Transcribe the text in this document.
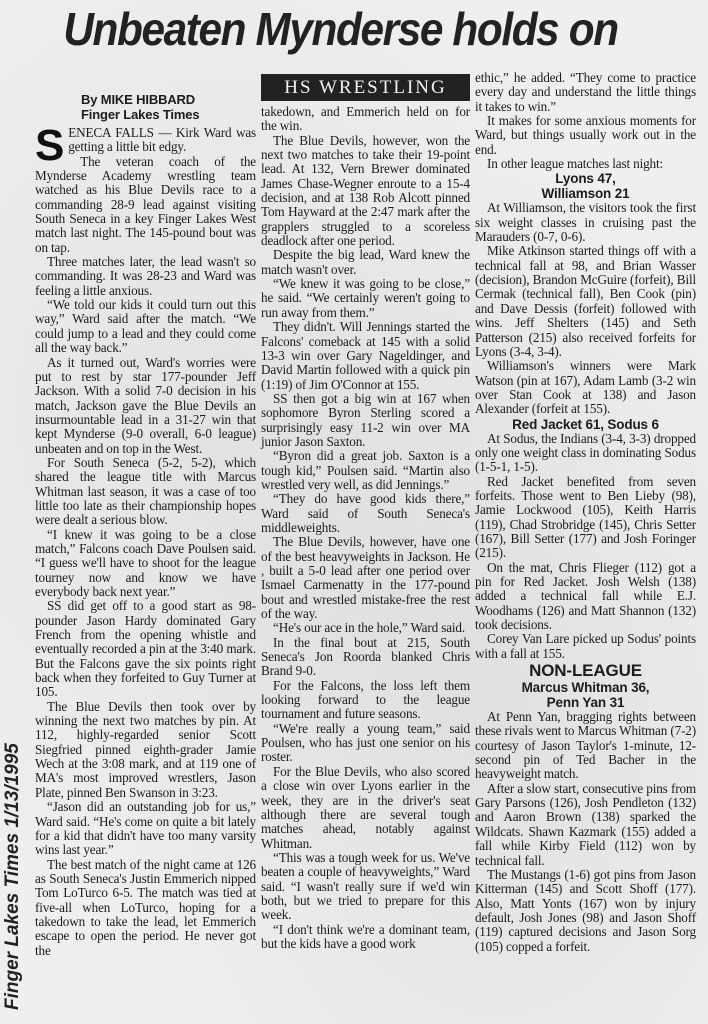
Unbeaten Mynderse holds on
Finger Lakes Times 1/13/1995
By MIKE HIBBARD
Finger Lakes Times
SENECA FALLS — Kirk Ward was getting a little bit edgy.
The veteran coach of the Mynderse Academy wrestling team watched as his Blue Devils race to a commanding 28-9 lead against visiting South Seneca in a key Finger Lakes West match last night. The 145-pound bout was on tap.
Three matches later, the lead wasn't so commanding. It was 28-23 and Ward was feeling a little anxious.
“We told our kids it could turn out this way,” Ward said after the match. “We could jump to a lead and they could come all the way back.”
As it turned out, Ward's worries were put to rest by star 177-pounder Jeff Jackson. With a solid 7-0 decision in his match, Jackson gave the Blue Devils an insurmountable lead in a 31-27 win that kept Mynderse (9-0 overall, 6-0 league) unbeaten and on top in the West.
For South Seneca (5-2, 5-2), which shared the league title with Marcus Whitman last season, it was a case of too little too late as their championship hopes were dealt a serious blow.
“I knew it was going to be a close match,” Falcons coach Dave Poulsen said. “I guess we'll have to shoot for the league tourney now and know we have everybody back next year.”
SS did get off to a good start as 98-pounder Jason Hardy dominated Gary French from the opening whistle and eventually recorded a pin at the 3:40 mark. But the Falcons gave the six points right back when they forfeited to Guy Turner at 105.
The Blue Devils then took over by winning the next two matches by pin. At 112, highly-regarded senior Scott Siegfried pinned eighth-grader Jamie Wech at the 3:08 mark, and at 119 one of MA's most improved wrestlers, Jason Plate, pinned Ben Swanson in 3:23.
“Jason did an outstanding job for us,” Ward said. “He's come on quite a bit lately for a kid that didn't have too many varsity wins last year.”
The best match of the night came at 126 as South Seneca's Justin Emmerich nipped Tom LoTurco 6-5. The match was tied at five-all when LoTurco, hoping for a takedown to take the lead, let Emmerich escape to open the period. He never got the
HS WRESTLING
takedown, and Emmerich held on for the win.
The Blue Devils, however, won the next two matches to take their 19-point lead. At 132, Vern Brewer dominated James Chase-Wegner enroute to a 15-4 decision, and at 138 Rob Alcott pinned Tom Hayward at the 2:47 mark after the grapplers struggled to a scoreless deadlock after one period.
Despite the big lead, Ward knew the match wasn't over.
“We knew it was going to be close,” he said. “We certainly weren't going to run away from them.”
They didn't. Will Jennings started the Falcons' comeback at 145 with a solid 13-3 win over Gary Nageldinger, and David Martin followed with a quick pin (1:19) of Jim O'Connor at 155.
SS then got a big win at 167 when sophomore Byron Sterling scored a surprisingly easy 11-2 win over MA junior Jason Saxton.
“Byron did a great job. Saxton is a tough kid,” Poulsen said. “Martin also wrestled very well, as did Jennings.”
“They do have good kids there,” Ward said of South Seneca's middleweights.
The Blue Devils, however, have one of the best heavyweights in Jackson. He , built a 5-0 lead after one period over Ismael Carmenatty in the 177-pound bout and wrestled mistake-free the rest of the way.
“He's our ace in the hole,” Ward said.
In the final bout at 215, South Seneca's Jon Roorda blanked Chris Brand 9-0.
For the Falcons, the loss left them looking forward to the league tournament and future seasons.
“We're really a young team,” said Poulsen, who has just one senior on his roster.
For the Blue Devils, who also scored a close win over Lyons earlier in the week, they are in the driver's seat although there are several tough matches ahead, notably against Whitman.
“This was a tough week for us. We've beaten a couple of heavyweights,” Ward said. “I wasn't really sure if we'd win both, but we tried to prepare for this week.
“I don't think we're a dominant team, but the kids have a good work
ethic,” he added. “They come to practice every day and understand the little things it takes to win.”
It makes for some anxious moments for Ward, but things usually work out in the end.
In other league matches last night:
Lyons 47,
Williamson 21
At Williamson, the visitors took the first six weight classes in cruising past the Marauders (0-7, 0-6).
Mike Atkinson started things off with a technical fall at 98, and Brian Wasser (decision), Brandon McGuire (forfeit), Bill Cermak (technical fall), Ben Cook (pin) and Dave Dessis (forfeit) followed with wins. Jeff Shelters (145) and Seth Patterson (215) also received forfeits for Lyons (3-4, 3-4).
Williamson's winners were Mark Watson (pin at 167), Adam Lamb (3-2 win over Stan Cook at 138) and Jason Alexander (forfeit at 155).
Red Jacket 61, Sodus 6
At Sodus, the Indians (3-4, 3-3) dropped only one weight class in dominating Sodus (1-5-1, 1-5).
Red Jacket benefited from seven forfeits. Those went to Ben Lieby (98), Jamie Lockwood (105), Keith Harris (119), Chad Strobridge (145), Chris Setter (167), Bill Setter (177) and Josh Foringer (215).
On the mat, Chris Flieger (112) got a pin for Red Jacket. Josh Welsh (138) added a technical fall while E.J. Woodhams (126) and Matt Shannon (132) took decisions.
Corey Van Lare picked up Sodus' points with a fall at 155.
NON-LEAGUE
Marcus Whitman 36,
Penn Yan 31
At Penn Yan, bragging rights between these rivals went to Marcus Whitman (7-2) courtesy of Jason Taylor's 1-minute, 12-second pin of Ted Bacher in the heavyweight match.
After a slow start, consecutive pins from Gary Parsons (126), Josh Pendleton (132) and Aaron Brown (138) sparked the Wildcats. Shawn Kazmark (155) added a fall while Kirby Field (112) won by technical fall.
The Mustangs (1-6) got pins from Jason Kitterman (145) and Scott Shoff (177). Also, Matt Yonts (167) won by injury default, Josh Jones (98) and Jason Shoff (119) captured decisions and Jason Sorg (105) copped a forfeit.
